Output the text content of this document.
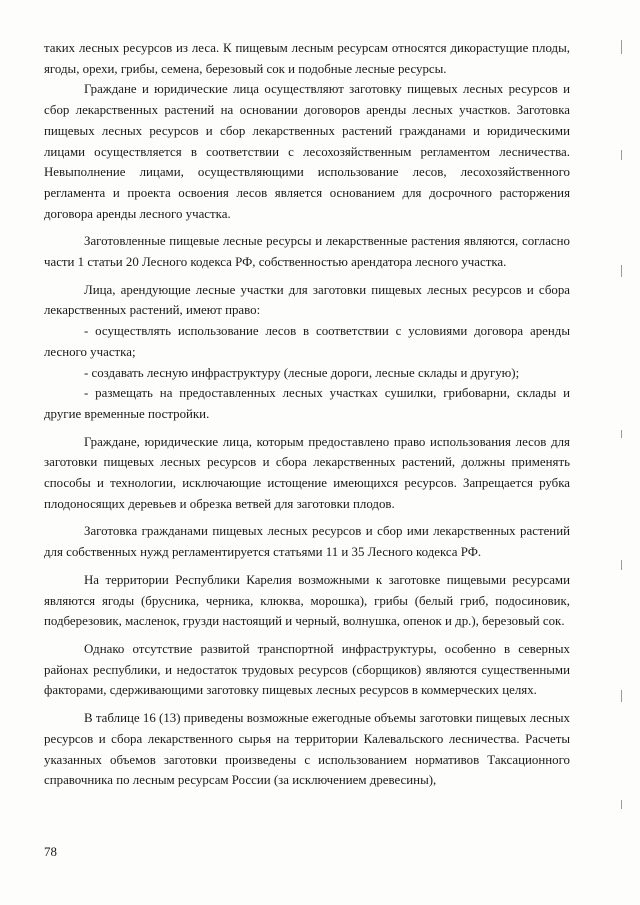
таких лесных ресурсов из леса. К пищевым лесным ресурсам относятся дикорастущие плоды, ягоды, орехи, грибы, семена, березовый сок и подобные лесные ресурсы.

Граждане и юридические лица осуществляют заготовку пищевых лесных ресурсов и сбор лекарственных растений на основании договоров аренды лесных участков. Заготовка пищевых лесных ресурсов и сбор лекарственных растений гражданами и юридическими лицами осуществляется в соответствии с лесохозяйственным регламентом лесничества. Невыполнение лицами, осуществляющими использование лесов, лесохозяйственного регламента и проекта освоения лесов является основанием для досрочного расторжения договора аренды лесного участка.

Заготовленные пищевые лесные ресурсы и лекарственные растения являются, согласно части 1 статьи 20 Лесного кодекса РФ, собственностью арендатора лесного участка.

Лица, арендующие лесные участки для заготовки пищевых лесных ресурсов и сбора лекарственных растений, имеют право:

- осуществлять использование лесов в соответствии с условиями договора аренды лесного участка;

- создавать лесную инфраструктуру (лесные дороги, лесные склады и другую);

- размещать на предоставленных лесных участках сушилки, грибоварни, склады и другие временные постройки.

Граждане, юридические лица, которым предоставлено право использования лесов для заготовки пищевых лесных ресурсов и сбора лекарственных растений, должны применять способы и технологии, исключающие истощение имеющихся ресурсов. Запрещается рубка плодоносящих деревьев и обрезка ветвей для заготовки плодов.

Заготовка гражданами пищевых лесных ресурсов и сбор ими лекарственных растений для собственных нужд регламентируется статьями 11 и 35 Лесного кодекса РФ.

На территории Республики Карелия возможными к заготовке пищевыми ресурсами являются ягоды (брусника, черника, клюква, морошка), грибы (белый гриб, подосиновик, подберезовик, масленок, грузди настоящий и черный, волнушка, опенок и др.), березовый сок.

Однако отсутствие развитой транспортной инфраструктуры, особенно в северных районах республики, и недостаток трудовых ресурсов (сборщиков) являются существенными факторами, сдерживающими заготовку пищевых лесных ресурсов в коммерческих целях.

В таблице 16 (13) приведены возможные ежегодные объемы заготовки пищевых лесных ресурсов и сбора лекарственного сырья на территории Калевальского лесничества. Расчеты указанных объемов заготовки произведены с использованием нормативов Таксационного справочника по лесным ресурсам России (за исключением древесины),

78
